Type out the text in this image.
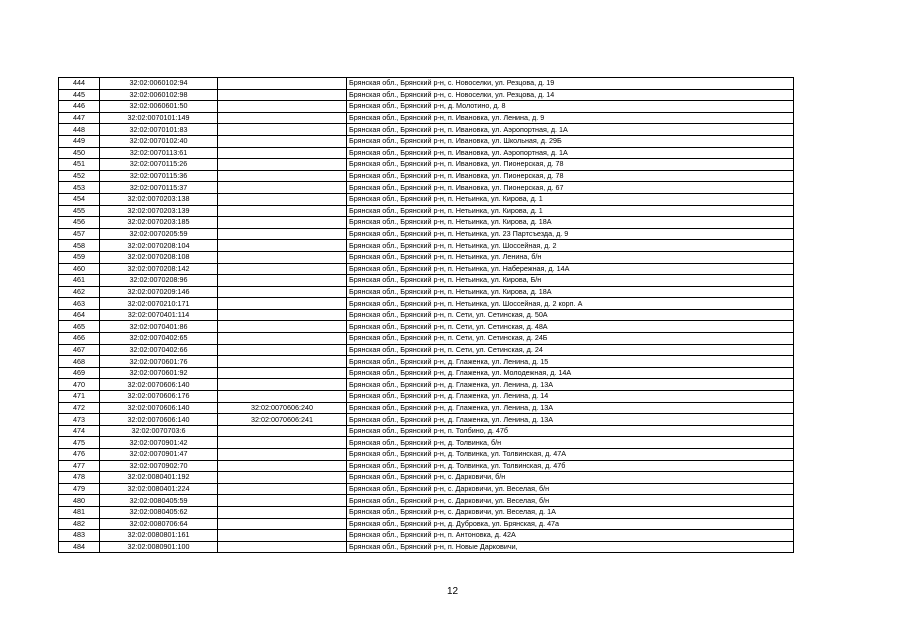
444	32:02:0060102:94		Брянская обл., Брянский р-н, с. Новоселки, ул. Резцова, д. 19
445	32:02:0060102:98		Брянская обл., Брянский р-н, с. Новоселки, ул. Резцова, д. 14
446	32:02:0060601:50		Брянская обл., Брянский р-н, д. Молотино, д. 8
447	32:02:0070101:149		Брянская обл., Брянский р-н, п. Ивановка, ул. Ленина, д. 9
448	32:02:0070101:83		Брянская обл., Брянский р-н, п. Ивановка, ул. Аэропортная, д. 1А
449	32:02:0070102:40		Брянская обл., Брянский р-н, п. Ивановка, ул. Школьная, д. 29Б
450	32:02:0070113:61		Брянская обл., Брянский р-н, п. Ивановка, ул. Аэропортная, д. 1А
451	32:02:0070115:26		Брянская обл., Брянский р-н, п. Ивановка, ул. Пионерская, д. 78
452	32:02:0070115:36		Брянская обл., Брянский р-н, п. Ивановка, ул. Пионерская, д. 78
453	32:02:0070115:37		Брянская обл., Брянский р-н, п. Ивановка, ул. Пионерская, д. 67
454	32:02:0070203:138		Брянская обл., Брянский р-н, п. Нетьинка, ул. Кирова, д. 1
455	32:02:0070203:139		Брянская обл., Брянский р-н, п. Нетьинка, ул. Кирова, д. 1
456	32:02:0070203:185		Брянская обл., Брянский р-н, п. Нетьинка, ул. Кирова, д. 18А
457	32:02:0070205:59		Брянская обл., Брянский р-н, п. Нетьинка, ул. 23 Партсъезда, д. 9
458	32:02:0070208:104		Брянская обл., Брянский р-н, п. Нетьинка, ул. Шоссейная, д. 2
459	32:02:0070208:108		Брянская обл., Брянский р-н, п. Нетьинка, ул. Ленина, б/н
460	32:02:0070208:142		Брянская обл., Брянский р-н, п. Нетьинка, ул. Набережная, д. 14А
461	32:02:0070208:96		Брянская обл., Брянский р-н, п. Нетьинка, ул. Кирова, Б/н
462	32:02:0070209:146		Брянская обл., Брянский р-н, п. Нетьинка, ул. Кирова, д. 18А
463	32:02:0070210:171		Брянская обл., Брянский р-н, п. Нетьинка, ул. Шоссейная, д. 2 корп. А
464	32:02:0070401:114		Брянская обл., Брянский р-н, п. Сети, ул. Сетинская, д. 50А
465	32:02:0070401:86		Брянская обл., Брянский р-н, п. Сети, ул. Сетинская, д. 48А
466	32:02:0070402:65		Брянская обл., Брянский р-н, п. Сети, ул. Сетинская, д. 24Б
467	32:02:0070402:66		Брянская обл., Брянский р-н, п. Сети, ул. Сетинская, д. 24
468	32:02:0070601:76		Брянская обл., Брянский р-н, д. Глаженка, ул. Ленина, д. 15
469	32:02:0070601:92		Брянская обл., Брянский р-н, д. Глаженка, ул. Молодежная, д. 14А
470	32:02:0070606:140		Брянская обл., Брянский р-н, д. Глаженка, ул. Ленина, д. 13А
471	32:02:0070606:176		Брянская обл., Брянский р-н, д. Глаженка, ул. Ленина, д. 14
472	32:02:0070606:140	32:02:0070606:240	Брянская обл., Брянский р-н, д. Глаженка, ул. Ленина, д. 13А
473	32:02:0070606:140	32:02:0070606:241	Брянская обл., Брянский р-н, д. Глаженка, ул. Ленина, д. 13А
474	32:02:0070703:6		Брянская обл., Брянский р-н, п. Толбино, д. 47б
475	32:02:0070901:42		Брянская обл., Брянский р-н, д. Толвинка, б/н
476	32:02:0070901:47		Брянская обл., Брянский р-н, д. Толвинка, ул. Толвинская, д. 47А
477	32:02:0070902:70		Брянская обл., Брянский р-н, д. Толвинка, ул. Толвинская, д. 47б
478	32:02:0080401:192		Брянская обл., Брянский р-н, с. Дарковичи, б/н
479	32:02:0080401:224		Брянская обл., Брянский р-н, с. Дарковичи, ул. Веселая, б/н
480	32:02:0080405:59		Брянская обл., Брянский р-н, с. Дарковичи, ул. Веселая, б/н
481	32:02:0080405:62		Брянская обл., Брянский р-н, с. Дарковичи, ул. Веселая, д. 1А
482	32:02:0080706:64		Брянская обл., Брянский р-н, д. Дубровка, ул. Брянская, д. 47а
483	32:02:0080801:161		Брянская обл., Брянский р-н, п. Антоновка, д. 42А
484	32:02:0080901:100		Брянская обл., Брянский р-н, п. Новые Дарковичи,
12
